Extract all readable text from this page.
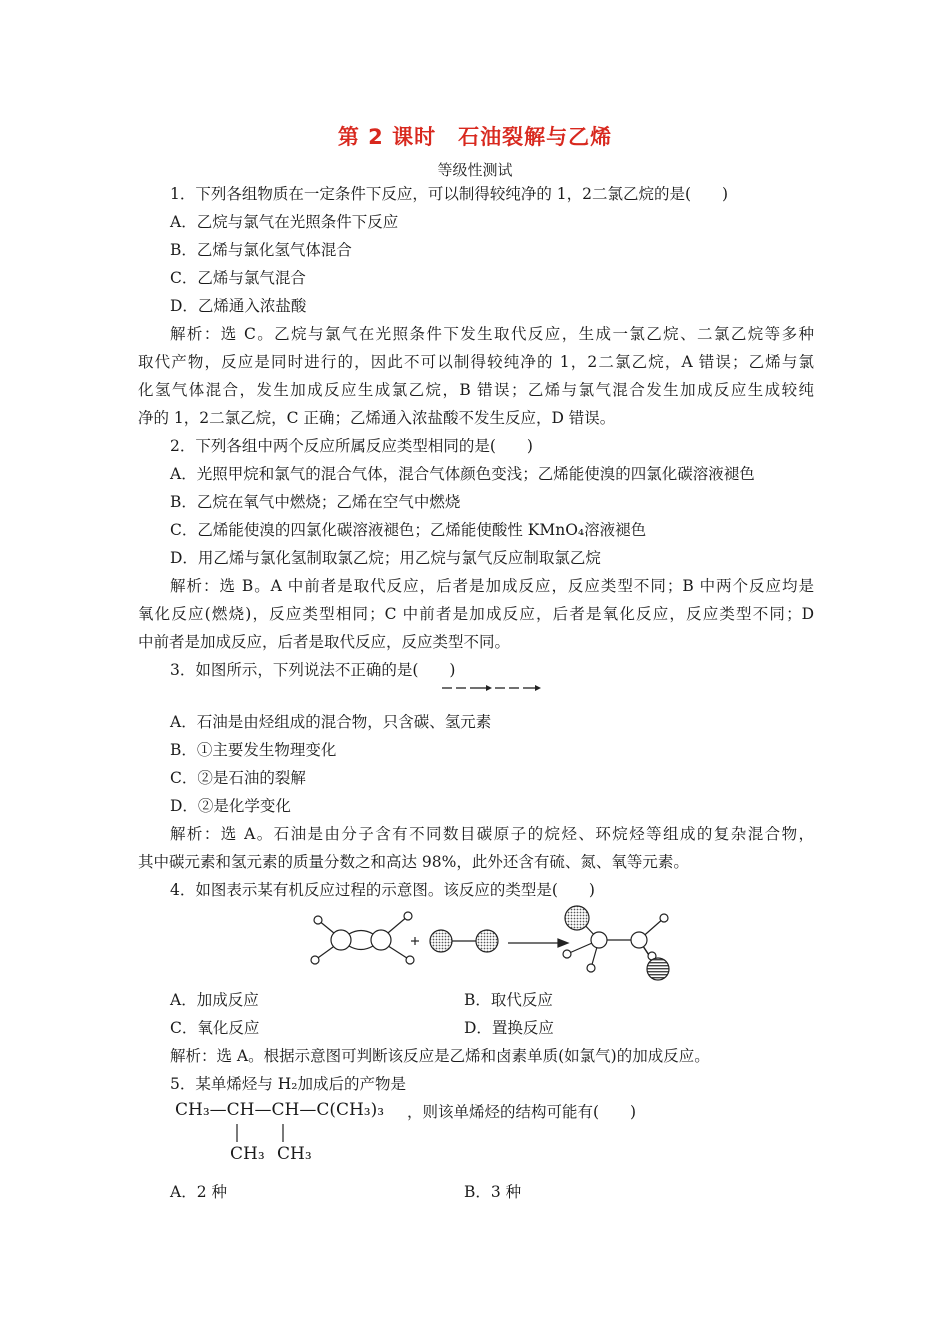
第 2 课时　石油裂解与乙烯
等级性测试
1．下列各组物质在一定条件下反应，可以制得较纯净的 1，2二氯乙烷的是(　　)
A．乙烷与氯气在光照条件下反应
B．乙烯与氯化氢气体混合
C．乙烯与氯气混合
D．乙烯通入浓盐酸
解析：选 C。乙烷与氯气在光照条件下发生取代反应，生成一氯乙烷、二氯乙烷等多种
取代产物，反应是同时进行的，因此不可以制得较纯净的 1，2二氯乙烷，A 错误；乙烯与氯
化氢气体混合，发生加成反应生成氯乙烷，B 错误；乙烯与氯气混合发生加成反应生成较纯
净的 1，2二氯乙烷，C 正确；乙烯通入浓盐酸不发生反应，D 错误。
2．下列各组中两个反应所属反应类型相同的是(　　)
A．光照甲烷和氯气的混合气体，混合气体颜色变浅；乙烯能使溴的四氯化碳溶液褪色
B．乙烷在氧气中燃烧；乙烯在空气中燃烧
C．乙烯能使溴的四氯化碳溶液褪色；乙烯能使酸性 KMnO₄溶液褪色
D．用乙烯与氯化氢制取氯乙烷；用乙烷与氯气反应制取氯乙烷
解析：选 B。A 中前者是取代反应，后者是加成反应，反应类型不同；B 中两个反应均是
氧化反应(燃烧)，反应类型相同；C 中前者是加成反应，后者是氧化反应，反应类型不同；D
中前者是加成反应，后者是取代反应，反应类型不同。
3．如图所示，下列说法不正确的是(　　)
A．石油是由烃组成的混合物，只含碳、氢元素
B．①主要发生物理变化
C．②是石油的裂解
D．②是化学变化
解析：选 A。石油是由分子含有不同数目碳原子的烷烃、环烷烃等组成的复杂混合物，
其中碳元素和氢元素的质量分数之和高达 98%，此外还含有硫、氮、氧等元素。
4．如图表示某有机反应过程的示意图。该反应的类型是(　　)
A．加成反应	B．取代反应
C．氧化反应	D．置换反应
解析：选 A。根据示意图可判断该反应是乙烯和卤素单质(如氯气)的加成反应。
5．某单烯烃与 H₂加成后的产物是
CH₃—CH—CH—C(CH₃)₃ ，则该单烯烃的结构可能有(　　)
CH₃ CH₃
A．2 种	B．3 种
